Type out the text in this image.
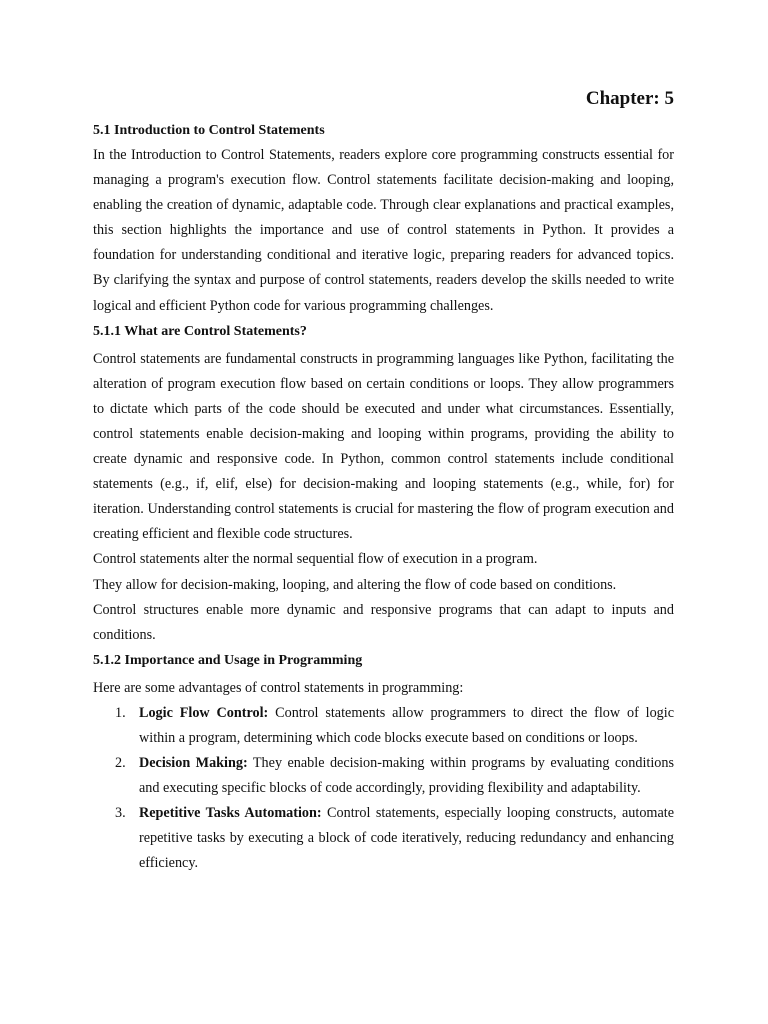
Chapter: 5
5.1 Introduction to Control Statements

In the Introduction to Control Statements, readers explore core programming constructs essential for managing a program's execution flow. Control statements facilitate decision-making and looping, enabling the creation of dynamic, adaptable code. Through clear explanations and practical examples, this section highlights the importance and use of control statements in Python. It provides a foundation for understanding conditional and iterative logic, preparing readers for advanced topics. By clarifying the syntax and purpose of control statements, readers develop the skills needed to write logical and efficient Python code for various programming challenges.

5.1.1 What are Control Statements?

Control statements are fundamental constructs in programming languages like Python, facilitating the alteration of program execution flow based on certain conditions or loops. They allow programmers to dictate which parts of the code should be executed and under what circumstances. Essentially, control statements enable decision-making and looping within programs, providing the ability to create dynamic and responsive code. In Python, common control statements include conditional statements (e.g., if, elif, else) for decision-making and looping statements (e.g., while, for) for iteration. Understanding control statements is crucial for mastering the flow of program execution and creating efficient and flexible code structures.

Control statements alter the normal sequential flow of execution in a program.

They allow for decision-making, looping, and altering the flow of code based on conditions.

Control structures enable more dynamic and responsive programs that can adapt to inputs and conditions.

5.1.2 Importance and Usage in Programming

Here are some advantages of control statements in programming:

1. Logic Flow Control: Control statements allow programmers to direct the flow of logic within a program, determining which code blocks execute based on conditions or loops.
2. Decision Making: They enable decision-making within programs by evaluating conditions and executing specific blocks of code accordingly, providing flexibility and adaptability.
3. Repetitive Tasks Automation: Control statements, especially looping constructs, automate repetitive tasks by executing a block of code iteratively, reducing redundancy and enhancing efficiency.
